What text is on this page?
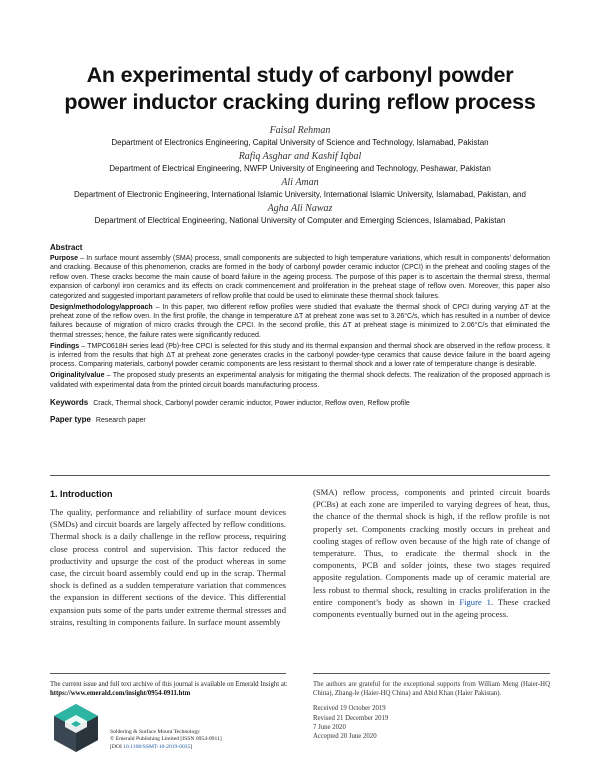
An experimental study of carbonyl powder
power inductor cracking during reflow process
Faisal Rehman
Department of Electronics Engineering, Capital University of Science and Technology, Islamabad, Pakistan
Rafiq Asghar and Kashif Iqbal
Department of Electrical Engineering, NWFP University of Engineering and Technology, Peshawar, Pakistan
Ali Aman
Department of Electronic Engineering, International Islamic University, International Islamic University, Islamabad, Pakistan, and
Agha Ali Nawaz
Department of Electrical Engineering, National University of Computer and Emerging Sciences, Islamabad, Pakistan
Abstract

Purpose – In surface mount assembly (SMA) process, small components are subjected to high temperature variations, which result in components’ deformation and cracking. Because of this phenomenon, cracks are formed in the body of carbonyl powder ceramic inductor (CPCI) in the preheat and cooling stages of the reflow oven. These cracks become the main cause of board failure in the ageing process. The purpose of this paper is to ascertain the thermal stress, thermal expansion of carbonyl iron ceramics and its effects on crack commencement and proliferation in the preheat stage of reflow oven. Moreover, this paper also categorized and suggested important parameters of reflow profile that could be used to eliminate these thermal shock failures.

Design/methodology/approach – In this paper, two different reflow profiles were studied that evaluate the thermal shock of CPCI during varying ΔT at the preheat zone of the reflow oven. In the first profile, the change in temperature ΔT at preheat zone was set to 3.26°C/s, which has resulted in a number of device failures because of migration of micro cracks through the CPCI. In the second profile, this ΔT at preheat stage is minimized to 2.06°C/s that eliminated the thermal stresses; hence, the failure rates were significantly reduced.

Findings – TMPC0618H series lead (Pb)-free CPCI is selected for this study and its thermal expansion and thermal shock are observed in the reflow process. It is inferred from the results that high ΔT at preheat zone generates cracks in the carbonyl powder-type ceramics that cause device failure in the board ageing process. Comparing materials, carbonyl powder ceramic components are less resistant to thermal shock and a lower rate of temperature change is desirable.

Originality/value – The proposed study presents an experimental analysis for mitigating the thermal shock defects. The realization of the proposed approach is validated with experimental data from the printed circuit boards manufacturing process.

Keywords Crack, Thermal shock, Carbonyl powder ceramic inductor, Power inductor, Reflow oven, Reflow profile
Paper type Research paper
1. Introduction

The quality, performance and reliability of surface mount devices (SMDs) and circuit boards are largely affected by reflow conditions. Thermal shock is a daily challenge in the reflow process, requiring close process control and supervision. This factor reduced the productivity and upsurge the cost of the product whereas in some case, the circuit board assembly could end up in the scrap. Thermal shock is defined as a sudden temperature variation that commences the expansion in different sections of the device. This differential expansion puts some of the parts under extreme thermal stresses and strains, resulting in components failure. In surface mount assembly

(SMA) reflow process, components and printed circuit boards (PCBs) at each zone are imperiled to varying degrees of heat, thus, the chance of the thermal shock is high, if the reflow profile is not properly set. Components cracking mostly occurs in preheat and cooling stages of reflow oven because of the high rate of change of temperature. Thus, to eradicate the thermal shock in the components, PCB and solder joints, these two stages required apposite regulation. Components made up of ceramic material are less robust to thermal shock, resulting in cracks proliferation in the entire component’s body as shown in Figure 1. These cracked components eventually burned out in the ageing process.

The current issue and full text archive of this journal is available on Emerald Insight at: https://www.emerald.com/insight/0954-0911.htm
Soldering & Surface Mount Technology
© Emerald Publishing Limited [ISSN 0954-0911]
[DOI 10.1108/SSMT-10-2019-0035]
The authors are grateful for the exceptional supports from William Meng (Haier-HQ China), Zhang-le (Haier-HQ China) and Abid Khan (Haier Pakistan).
Received 19 October 2019
Revised 21 December 2019
7 June 2020
Accepted 20 June 2020
